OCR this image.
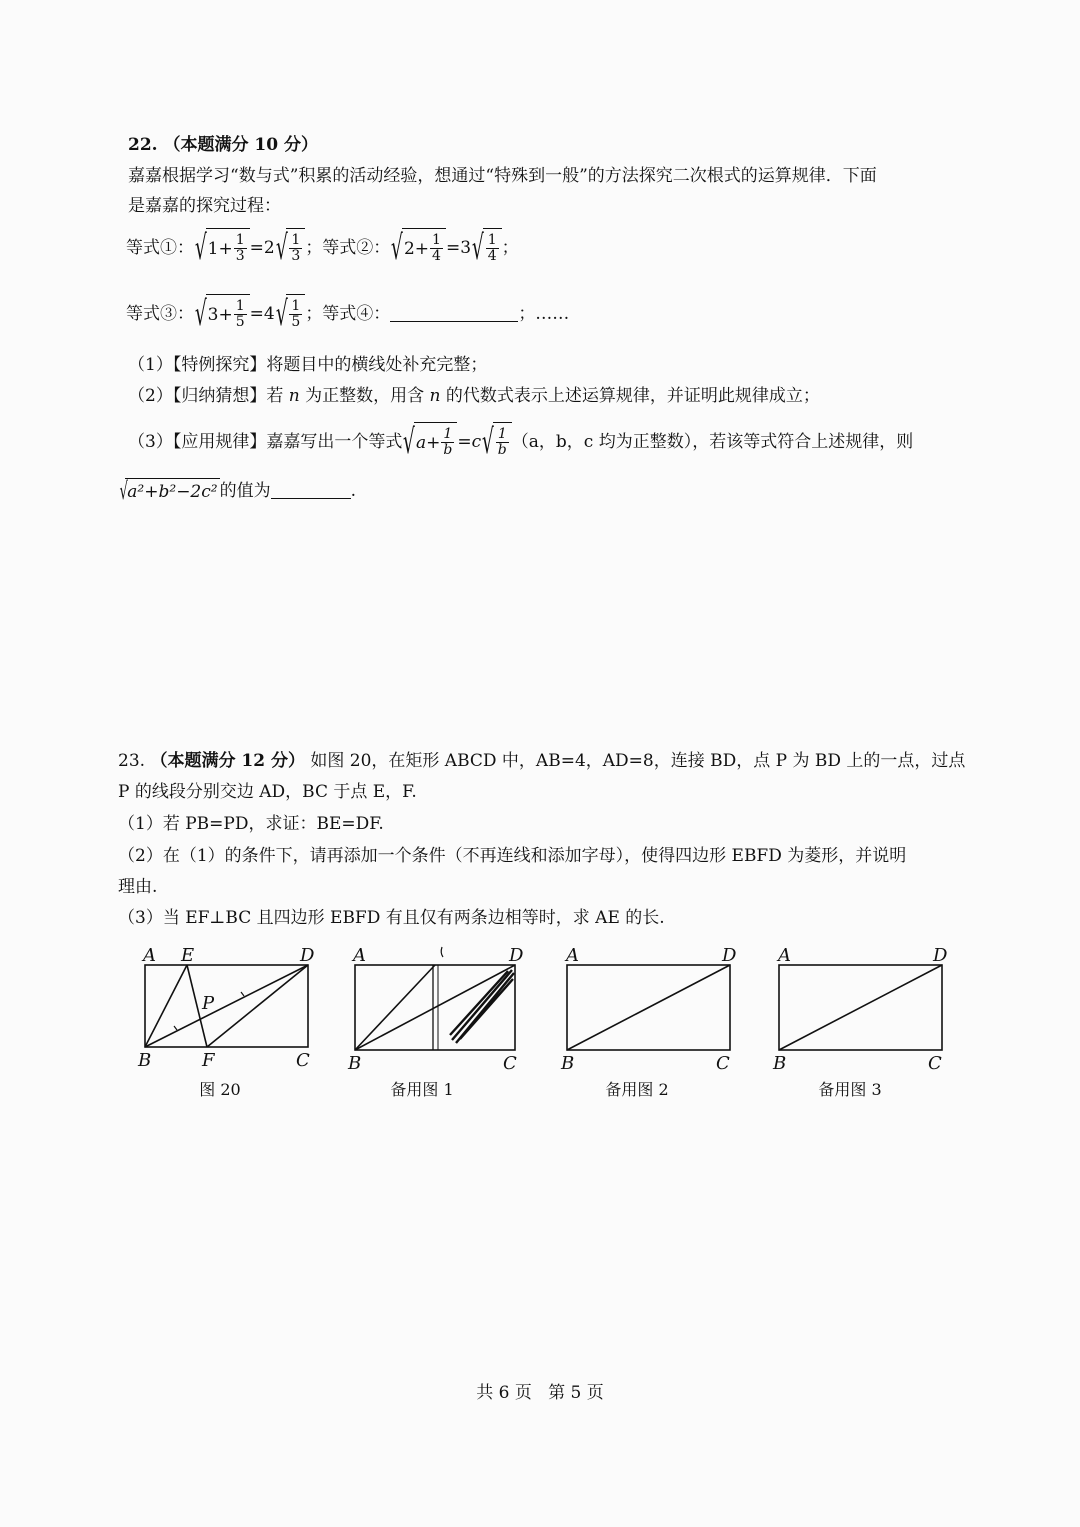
22. （本题满分 10 分）
嘉嘉根据学习“数与式”积累的活动经验，想通过“特殊到一般”的方法探究二次根式的运算规律．下面
是嘉嘉的探究过程：
等式①： √ $1+ \frac{1}{3} =2$ √ 1
3 ；等式②： √ $2+ \frac{1}{4} =3$ √ 1
4 ；
等式③： √ $3+ \frac{1}{5} =4$ √ 1
5 ；等式④：	；……
（1）【特例探究】将题目中的横线处补充完整；
（2）【归纳猜想】若 n 为正整数，用含 n 的代数式表示上述运算规律，并证明此规律成立；
（3）【应用规律】嘉嘉写出一个等式 √ $a+ \frac{1}{b} =c$ √ 1
b （a，b，c 均为正整数），若该等式符合上述规律，则
√ a²+b²−2c² 的值为	.
23. （本题满分 12 分） 如图 20，在矩形 ABCD 中，AB=4，AD=8，连接 BD，点 P 为 BD 上的一点，过点
P 的线段分别交边 AD，BC 于点 E，F.
（1）若 PB=PD，求证：BE=DF.
（2）在（1）的条件下，请再添加一个条件（不再连线和添加字母），使得四边形 EBFD 为菱形，并说明
理由.
（3）当 EF⊥BC 且四边形 EBFD 有且仅有两条边相等时，求 AE 的长.
A E	D
P
B	F	C
A	D
B	C
A	D
B	C
A	D
B	C
图 20	备用图 1	备用图 2	备用图 3
共 6 页   第 5 页
